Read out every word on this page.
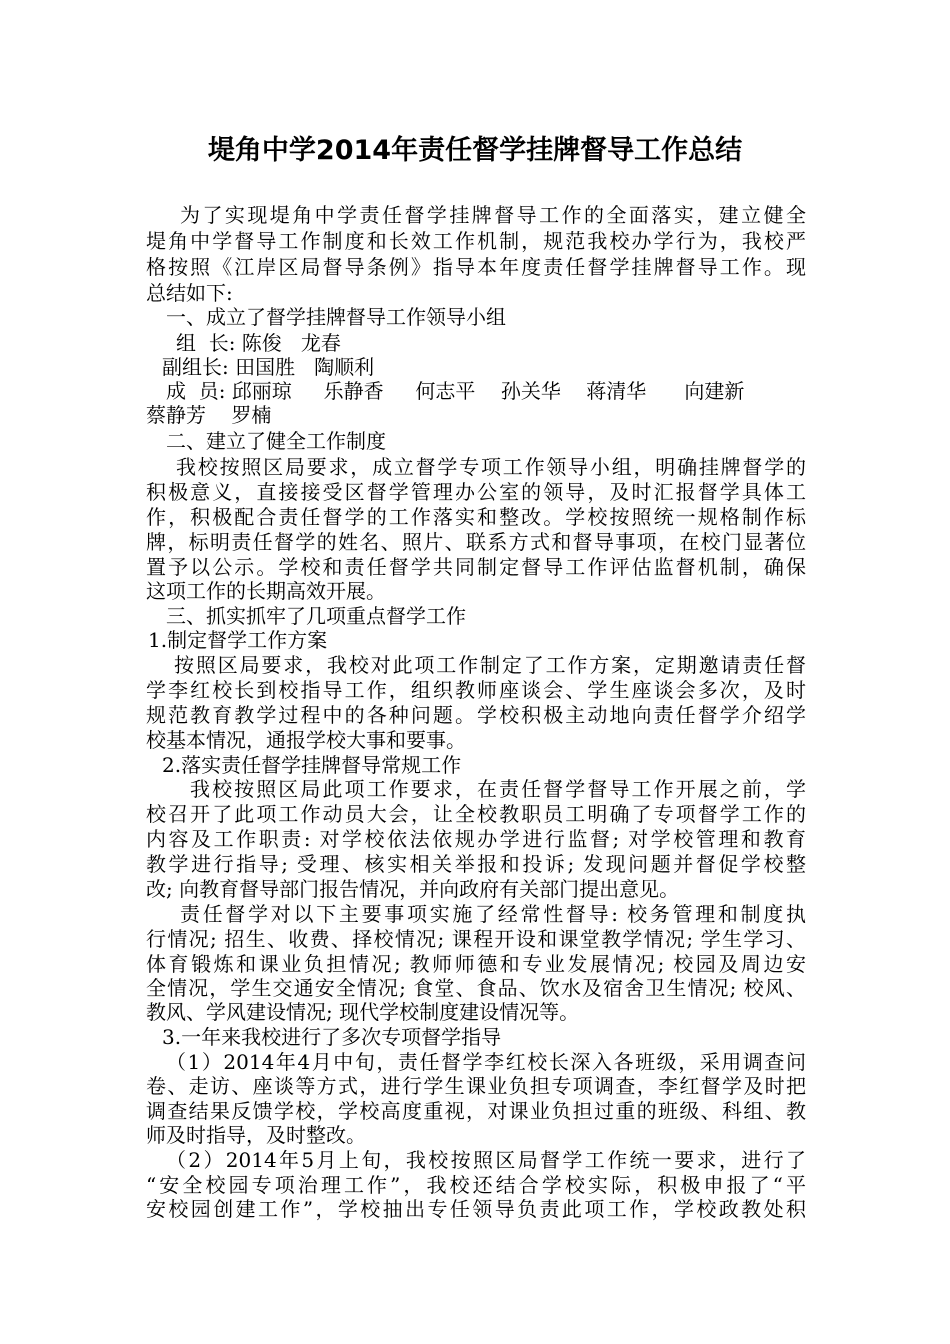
堤角中学2014年责任督学挂牌督导工作总结
为了实现堤角中学责任督学挂牌督导工作的全面落实，建立健全
堤角中学督导工作制度和长效工作机制，规范我校办学行为，我校严
格按照《江岸区局督导条例》指导本年度责任督学挂牌督导工作。现
总结如下:
一、成立了督学挂牌督导工作领导小组
组  长: 陈俊   龙春
副组长: 田国胜   陶顺利
成  员: 邱丽琼     乐静香     何志平    孙关华    蒋清华      向建新
蔡静芳    罗楠
二、建立了健全工作制度
我校按照区局要求，成立督学专项工作领导小组，明确挂牌督学的
积极意义，直接接受区督学管理办公室的领导，及时汇报督学具体工
作，积极配合责任督学的工作落实和整改。学校按照统一规格制作标
牌，标明责任督学的姓名、照片、联系方式和督导事项，在校门显著位
置予以公示。学校和责任督学共同制定督导工作评估监督机制，确保
这项工作的长期高效开展。
三、抓实抓牢了几项重点督学工作
1.制定督学工作方案
按照区局要求，我校对此项工作制定了工作方案，定期邀请责任督
学李红校长到校指导工作，组织教师座谈会、学生座谈会多次，及时
规范教育教学过程中的各种问题。学校积极主动地向责任督学介绍学
校基本情况，通报学校大事和要事。
2.落实责任督学挂牌督导常规工作
我校按照区局此项工作要求，在责任督学督导工作开展之前，学
校召开了此项工作动员大会，让全校教职员工明确了专项督学工作的
内容及工作职责: 对学校依法依规办学进行监督; 对学校管理和教育
教学进行指导; 受理、核实相关举报和投诉; 发现问题并督促学校整
改; 向教育督导部门报告情况，并向政府有关部门提出意见。
责任督学对以下主要事项实施了经常性督导: 校务管理和制度执
行情况; 招生、收费、择校情况; 课程开设和课堂教学情况; 学生学习、
体育锻炼和课业负担情况; 教师师德和专业发展情况; 校园及周边安
全情况，学生交通安全情况; 食堂、食品、饮水及宿舍卫生情况; 校风、
教风、学风建设情况; 现代学校制度建设情况等。
3.一年来我校进行了多次专项督学指导
（1）2014年4月中旬，责任督学李红校长深入各班级，采用调查问
卷、走访、座谈等方式，进行学生课业负担专项调查，李红督学及时把
调查结果反馈学校，学校高度重视，对课业负担过重的班级、科组、教
师及时指导，及时整改。
（2）2014年5月上旬，我校按照区局督学工作统一要求，进行了
“安全校园专项治理工作”，我校还结合学校实际，积极申报了“平
安校园创建工作”，学校抽出专任领导负责此项工作，学校政教处积
